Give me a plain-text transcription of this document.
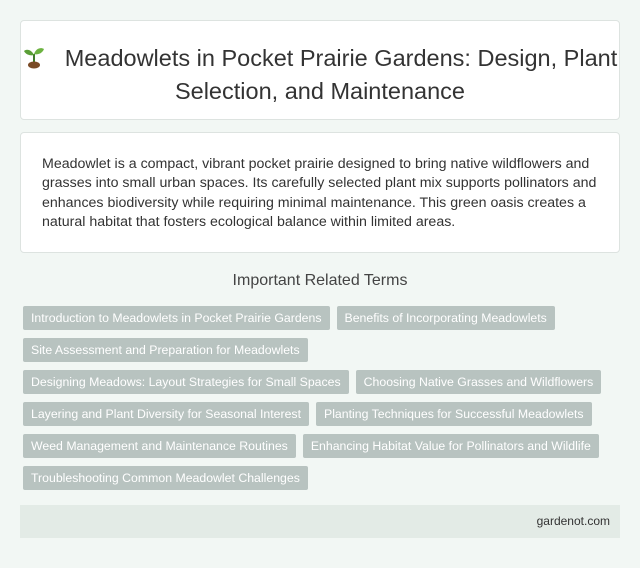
Meadowlets in Pocket Prairie Gardens: Design, Plant Selection, and Maintenance
Meadowlet is a compact, vibrant pocket prairie designed to bring native wildflowers and grasses into small urban spaces. Its carefully selected plant mix supports pollinators and enhances biodiversity while requiring minimal maintenance. This green oasis creates a natural habitat that fosters ecological balance within limited areas.
Important Related Terms
Introduction to Meadowlets in Pocket Prairie Gardens	Benefits of Incorporating Meadowlets
Site Assessment and Preparation for Meadowlets
Designing Meadows: Layout Strategies for Small Spaces	Choosing Native Grasses and Wildflowers
Layering and Plant Diversity for Seasonal Interest	Planting Techniques for Successful Meadowlets
Weed Management and Maintenance Routines	Enhancing Habitat Value for Pollinators and Wildlife
Troubleshooting Common Meadowlet Challenges
gardenot.com
